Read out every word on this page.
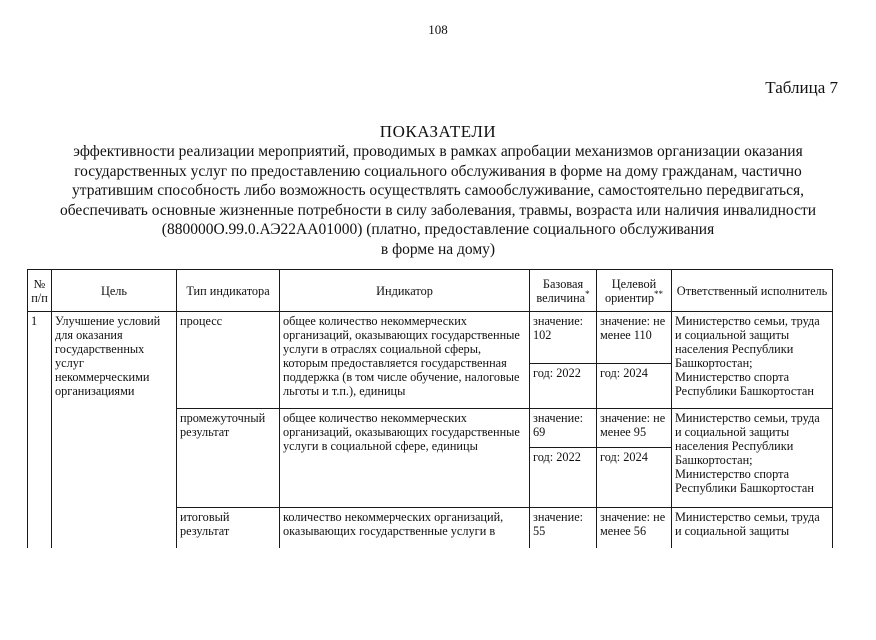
108
Таблица 7
ПОКАЗАТЕЛИ
эффективности реализации мероприятий, проводимых в рамках апробации механизмов организации оказания
государственных услуг по предоставлению социального обслуживания в форме на дому гражданам, частично
утратившим способность либо возможность осуществлять самообслуживание, самостоятельно передвигаться,
обеспечивать основные жизненные потребности в силу заболевания, травмы, возраста или наличия инвалидности
(880000О.99.0.АЭ22АА01000) (платно, предоставление социального обслуживания
в форме на дому)
№ п/п	Цель	Тип индикатора	Индикатор	Базовая величина*	Целевой ориентир**	Ответственный исполнитель
1	Улучшение условий для оказания государственных услуг некоммерческими организациями	процесс	общее количество некоммерческих организаций, оказывающих государственные услуги в отраслях социальной сферы, которым предоставляется государственная поддержка (в том числе обучение, налоговые льготы и т.п.), единицы	значение: 102	значение: не менее 110	Министерство семьи, труда и социальной защиты населения Республики Башкортостан; Министерство спорта Республики Башкортостан
				год: 2022	год: 2024	
		промежуточный результат	общее количество некоммерческих организаций, оказывающих государственные услуги в социальной сфере, единицы	значение: 69	значение: не менее 95	Министерство семьи, труда и социальной защиты населения Республики Башкортостан; Министерство спорта Республики Башкортостан
				год: 2022	год: 2024	
		итоговый результат	количество некоммерческих организаций, оказывающих государственные услуги в	значение: 55	значение: не менее 56	Министерство семьи, труда и социальной защиты
